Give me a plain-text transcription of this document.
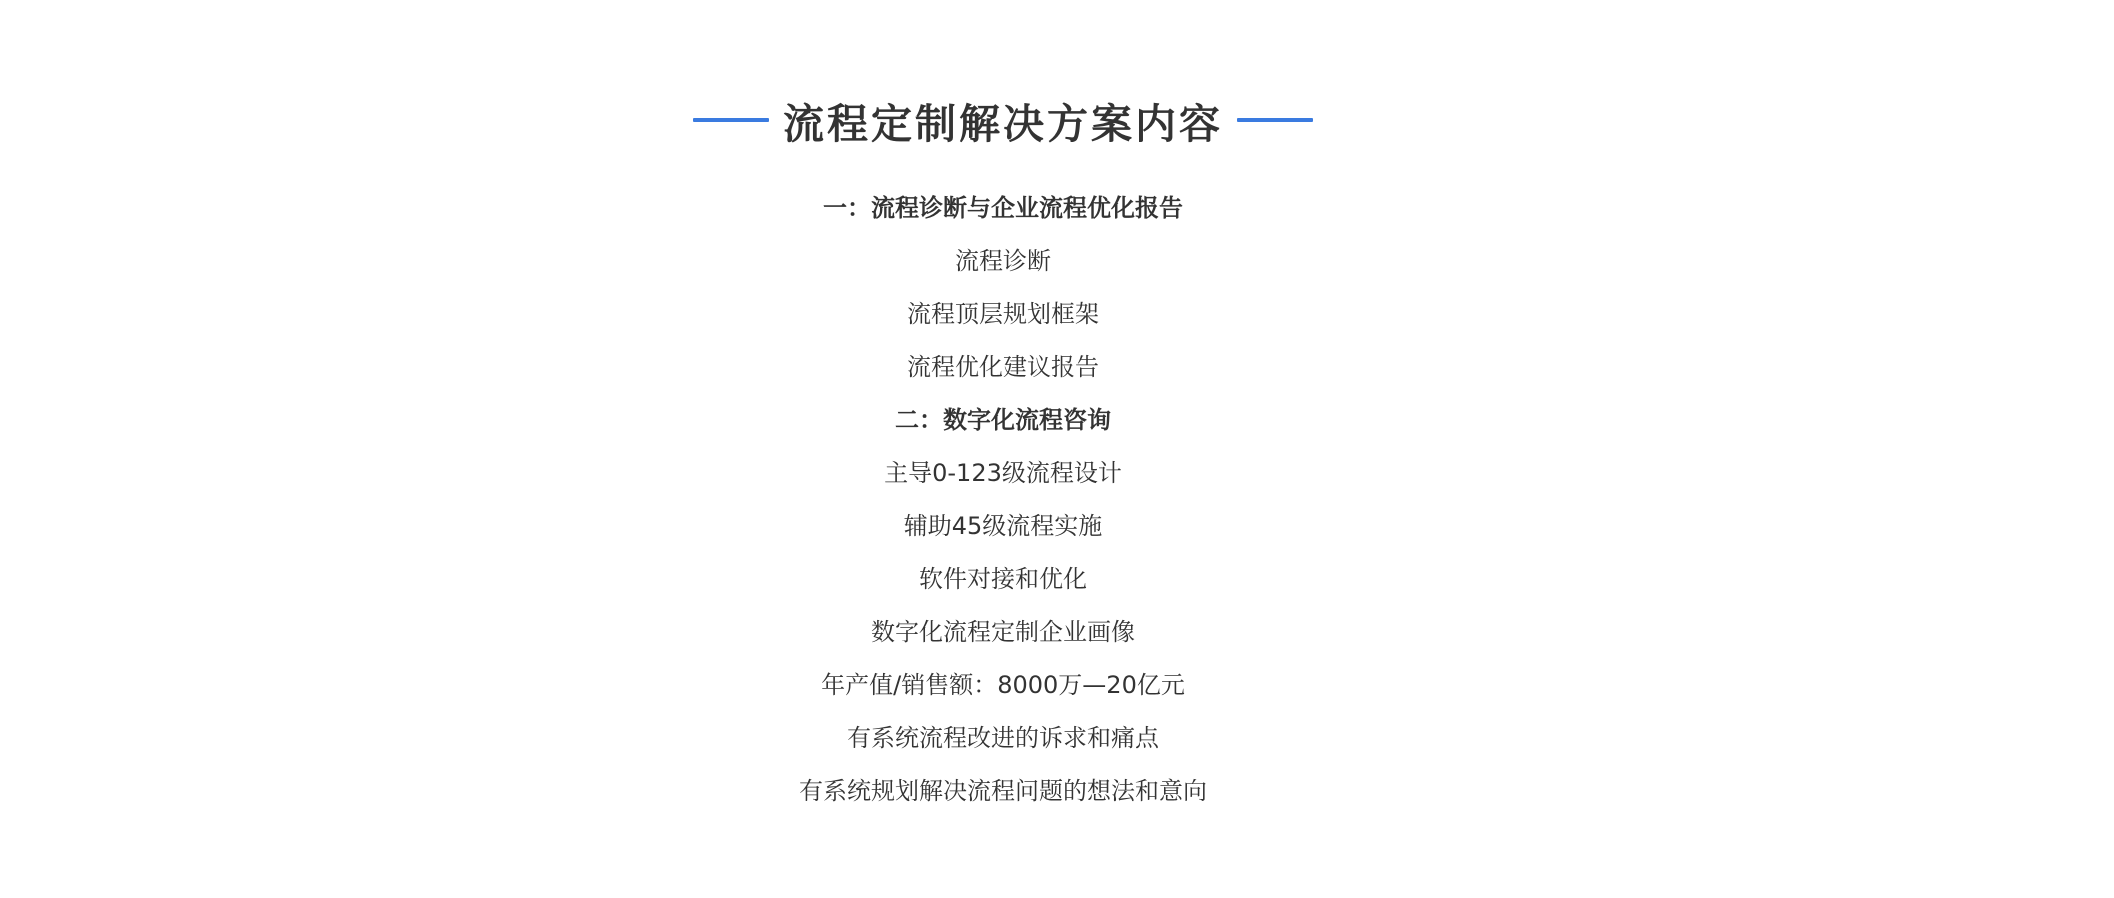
流程定制解决方案内容
一：流程诊断与企业流程优化报告
流程诊断
流程顶层规划框架
流程优化建议报告
二：数字化流程咨询
主导0-123级流程设计
辅助45级流程实施
软件对接和优化
数字化流程定制企业画像
年产值/销售额：8000万—20亿元
有系统流程改进的诉求和痛点
有系统规划解决流程问题的想法和意向
